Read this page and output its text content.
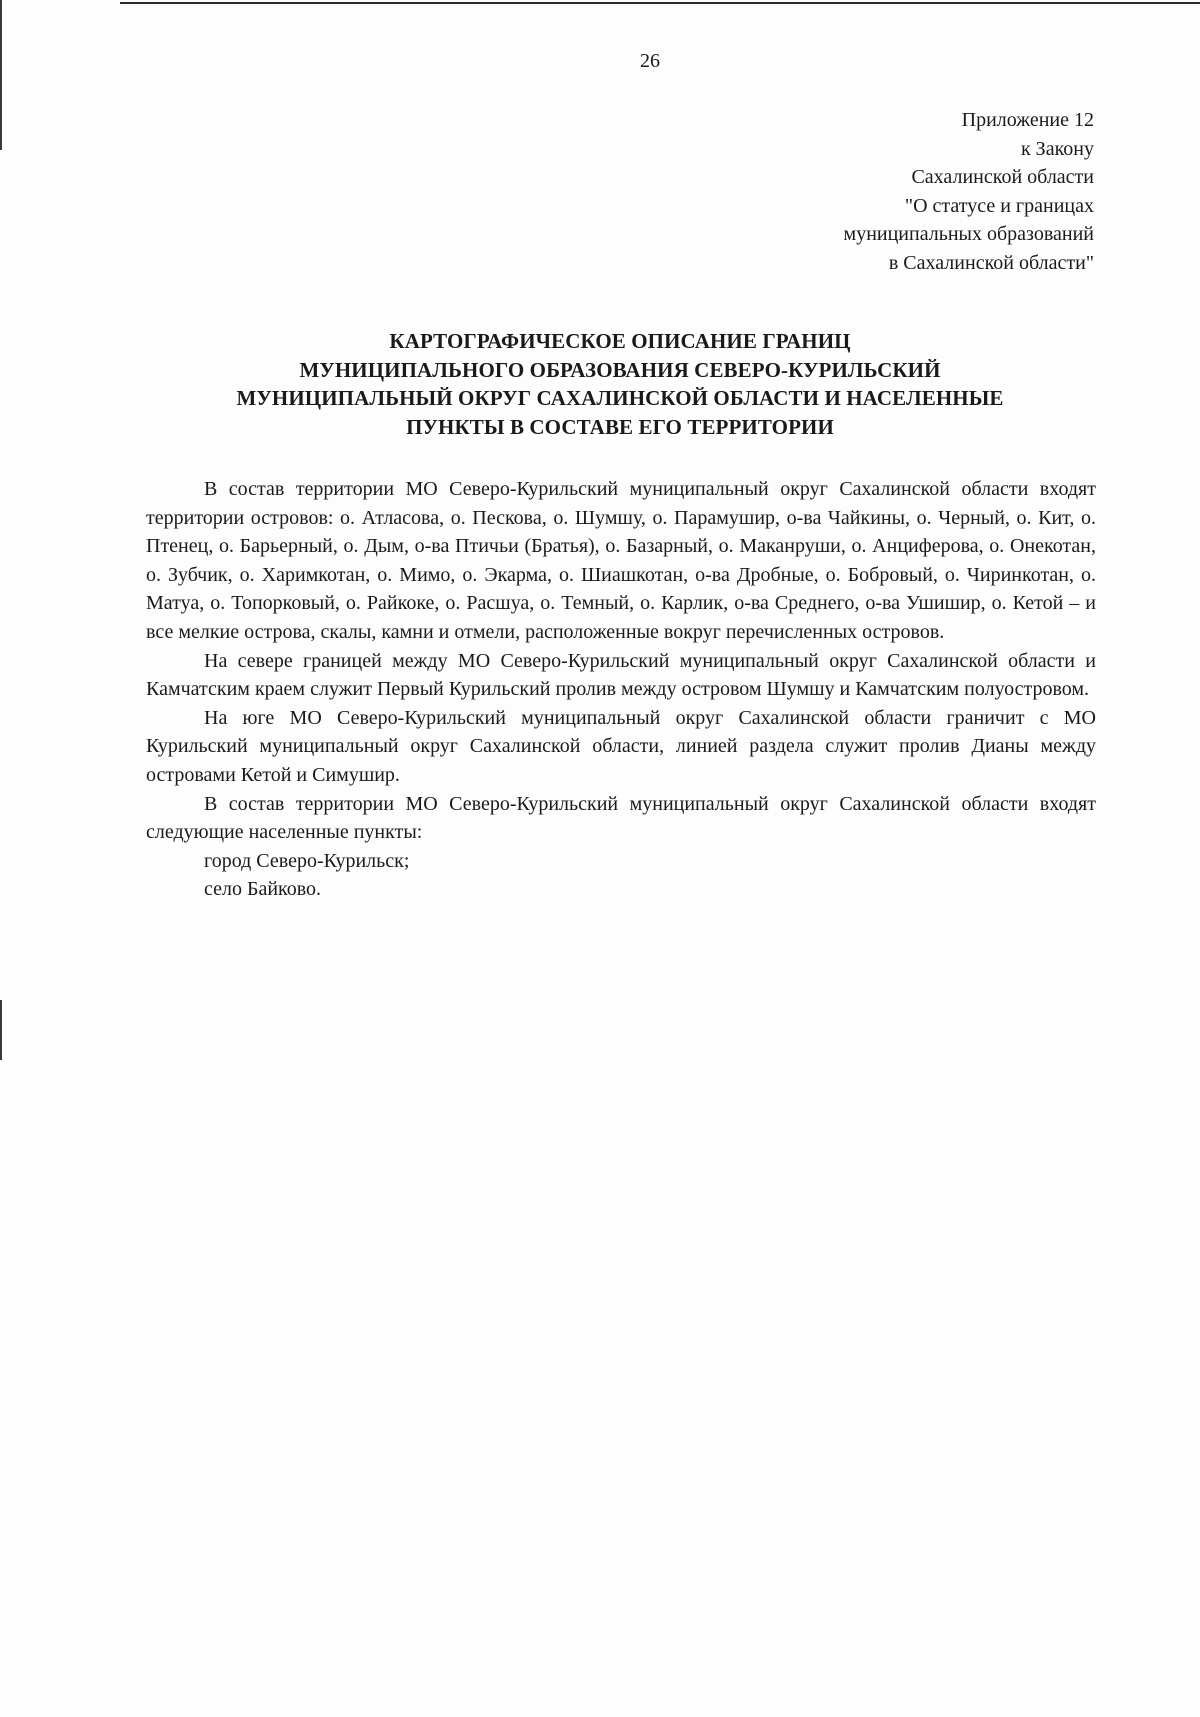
26
Приложение 12
к Закону
Сахалинской области
"О статусе и границах
муниципальных образований
в Сахалинской области"
КАРТОГРАФИЧЕСКОЕ ОПИСАНИЕ ГРАНИЦ
МУНИЦИПАЛЬНОГО ОБРАЗОВАНИЯ СЕВЕРО-КУРИЛЬСКИЙ
МУНИЦИПАЛЬНЫЙ ОКРУГ САХАЛИНСКОЙ ОБЛАСТИ И НАСЕЛЕННЫЕ
ПУНКТЫ В СОСТАВЕ ЕГО ТЕРРИТОРИИ

В состав территории МО Северо-Курильский муниципальный округ Сахалинской области входят территории островов: о. Атласова, о. Пескова, о. Шумшу, о. Парамушир, о-ва Чайкины, о. Черный, о. Кит, о. Птенец, о. Барьерный, о. Дым, о-ва Птичьи (Братья), о. Базарный, о. Маканруши, о. Анциферова, о. Онекотан, о. Зубчик, о. Харимкотан, о. Мимо, о. Экарма, о. Шиашкотан, о-ва Дробные, о. Бобровый, о. Чиринкотан, о. Матуа, о. Топорковый, о. Райкоке, о. Расшуа, о. Темный, о. Карлик, о-ва Среднего, о-ва Ушишир, о. Кетой – и все мелкие острова, скалы, камни и отмели, расположенные вокруг перечисленных островов.

На севере границей между МО Северо-Курильский муниципальный округ Сахалинской области и Камчатским краем служит Первый Курильский пролив между островом Шумшу и Камчатским полуостровом.

На юге МО Северо-Курильский муниципальный округ Сахалинской области граничит с МО Курильский муниципальный округ Сахалинской области, линией раздела служит пролив Дианы между островами Кетой и Симушир.

В состав территории МО Северо-Курильский муниципальный округ Сахалинской области входят следующие населенные пункты:

город Северо-Курильск;

село Байково.
